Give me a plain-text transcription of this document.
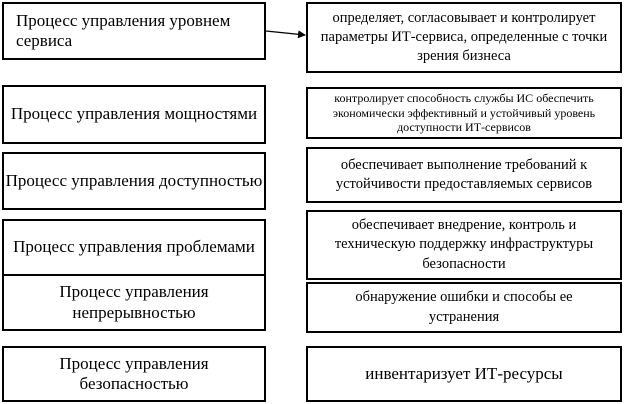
Процесс управления уровнем сервиса
Процесс управления мощностями
Процесс управления доступностью
Процесс управления проблемами
Процесс управления непрерывностью
Процесс управления безопасностью
определяет, согласовывает и контролирует параметры ИТ-сервиса, определенные с точки зрения бизнеса
контролирует способность службы ИС обеспечить экономически эффективный и устойчивый уровень доступности ИТ-сервисов
обеспечивает выполнение требований к устойчивости предоставляемых сервисов
обеспечивает внедрение, контроль и техническую поддержку инфраструктуры безопасности
обнаружение ошибки и способы ее устранения
инвентаризует ИТ-ресурсы
